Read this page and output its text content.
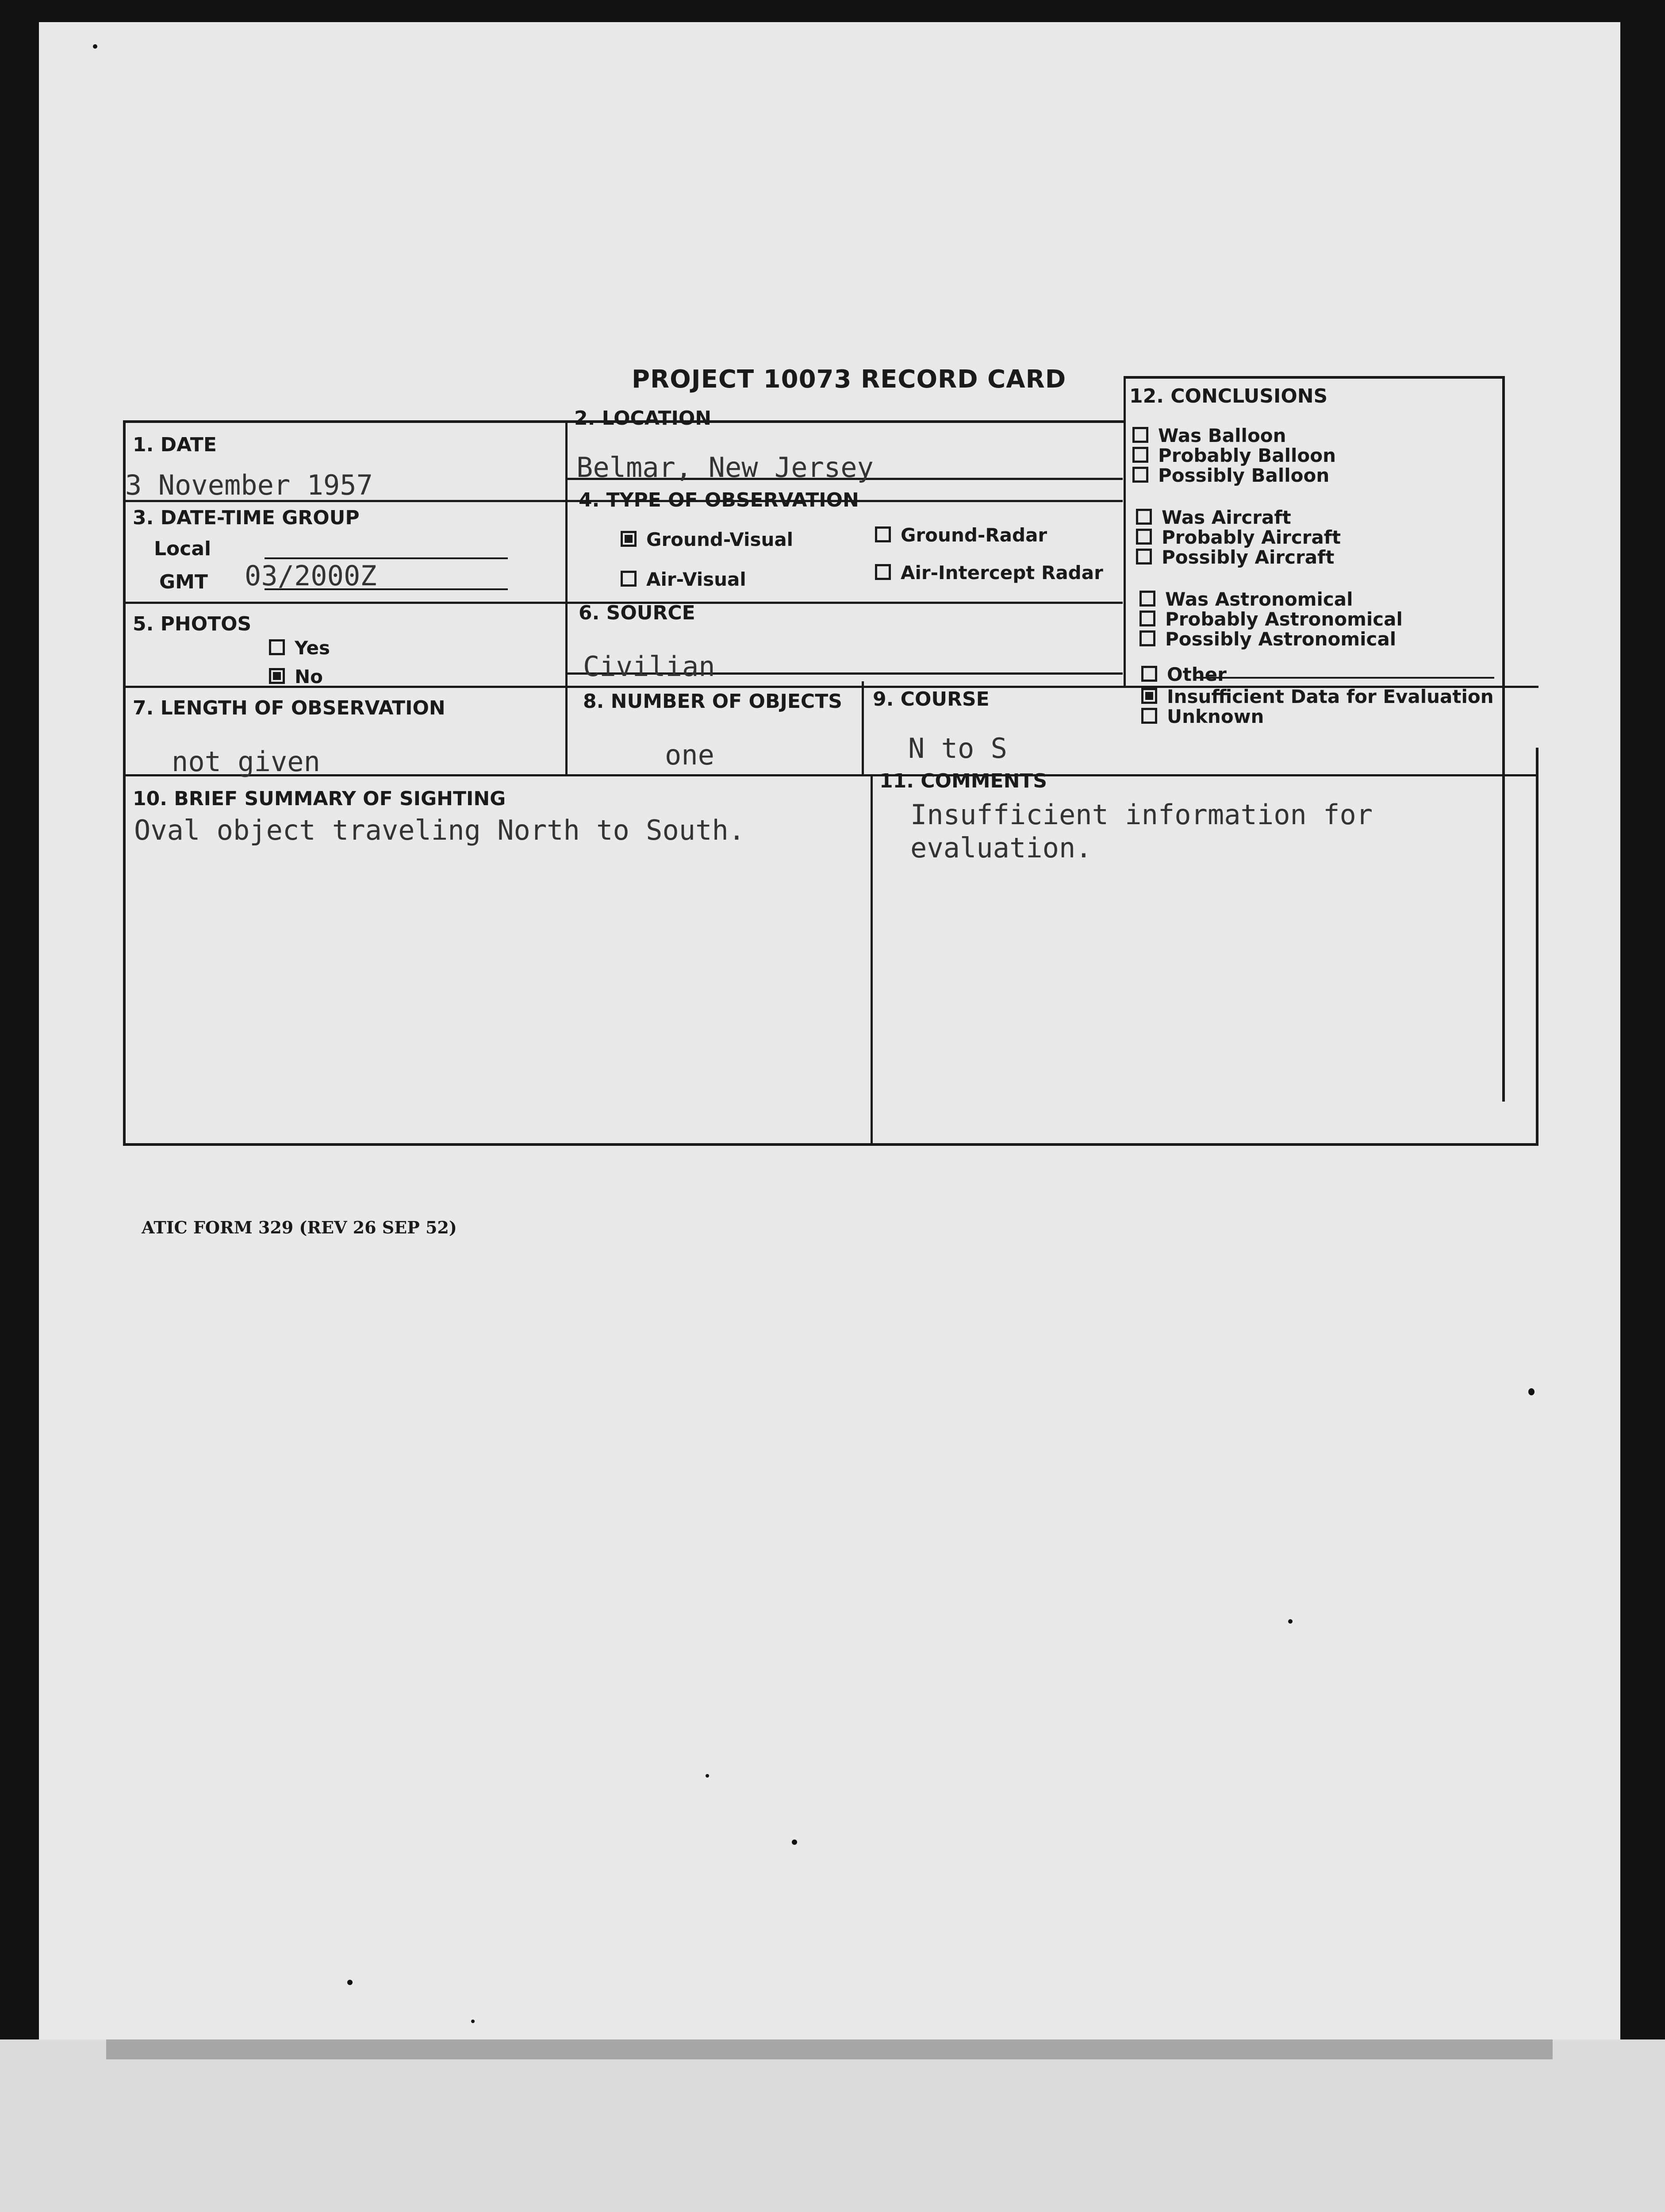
PROJECT 10073 RECORD CARD
1. DATE
3 November 1957
2. LOCATION
Belmar, New Jersey
3. DATE-TIME GROUP
Local
GMT 03/2000Z
4. TYPE OF OBSERVATION
Ground-Visual	Ground-Radar
Air-Visual	Air-Intercept Radar
5. PHOTOS
Yes
No
6. SOURCE
Civilian
7. LENGTH OF OBSERVATION
not given
8. NUMBER OF OBJECTS
one
9. COURSE
N to S
10. BRIEF SUMMARY OF SIGHTING
Oval object traveling North to South.
11. COMMENTS
Insufficient information for
evaluation.
12. CONCLUSIONS
Was Balloon
Probably Balloon
Possibly Balloon
Was Aircraft
Probably Aircraft
Possibly Aircraft
Was Astronomical
Probably Astronomical
Possibly Astronomical
Other
Insufficient Data for Evaluation
Unknown
ATIC FORM 329 (REV 26 SEP 52)
